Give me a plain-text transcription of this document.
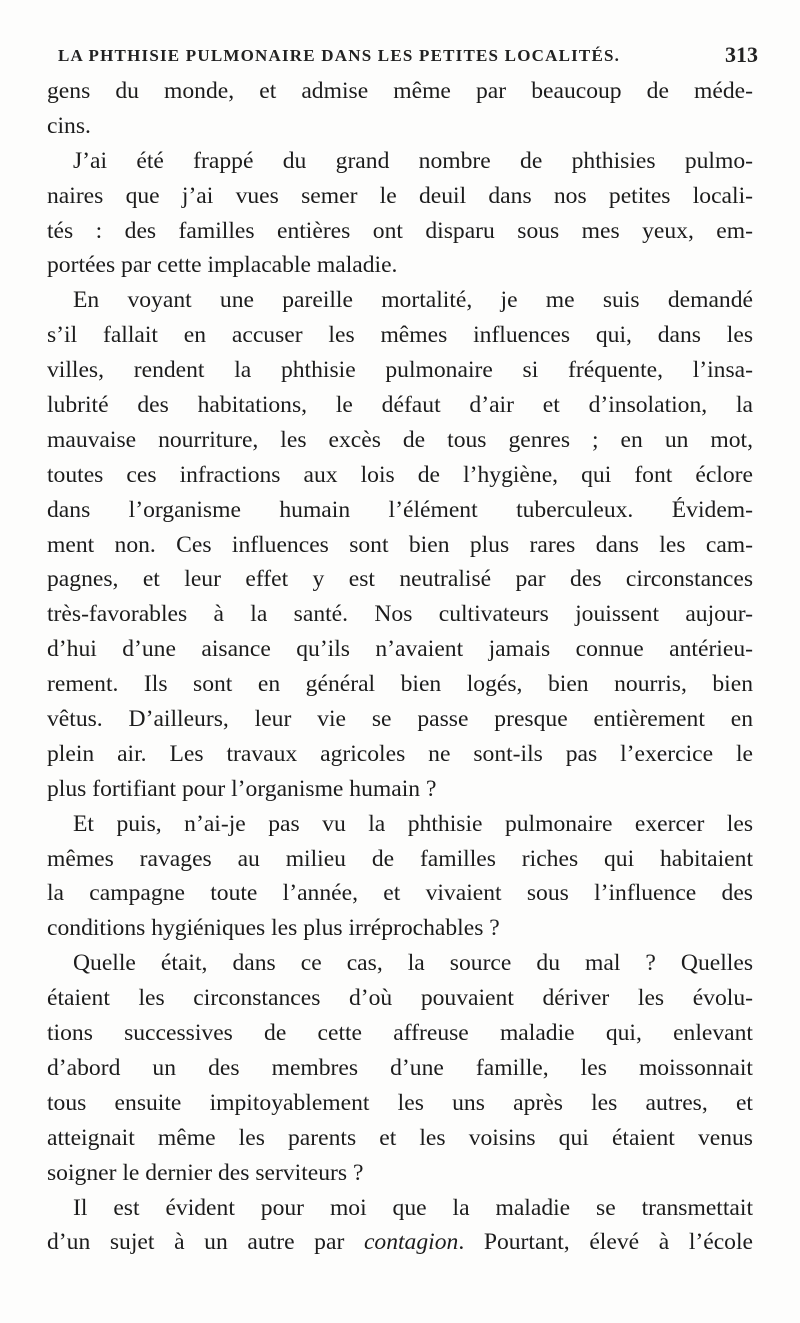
LA PHTHISIE PULMONAIRE DANS LES PETITES LOCALITÉS.	313
gens du monde, et admise même par beaucoup de méde-
cins.
J’ai été frappé du grand nombre de phthisies pulmo-
naires que j’ai vues semer le deuil dans nos petites locali-
tés : des familles entières ont disparu sous mes yeux, em-
portées par cette implacable maladie.
En voyant une pareille mortalité, je me suis demandé
s’il fallait en accuser les mêmes influences qui, dans les
villes, rendent la phthisie pulmonaire si fréquente, l’insa-
lubrité des habitations, le défaut d’air et d’insolation, la
mauvaise nourriture, les excès de tous genres ; en un mot,
toutes ces infractions aux lois de l’hygiène, qui font éclore
dans l’organisme humain l’élément tuberculeux. Évidem-
ment non. Ces influences sont bien plus rares dans les cam-
pagnes, et leur effet y est neutralisé par des circonstances
très-favorables à la santé. Nos cultivateurs jouissent aujour-
d’hui d’une aisance qu’ils n’avaient jamais connue antérieu-
rement. Ils sont en général bien logés, bien nourris, bien
vêtus. D’ailleurs, leur vie se passe presque entièrement en
plein air. Les travaux agricoles ne sont-ils pas l’exercice le
plus fortifiant pour l’organisme humain ?
Et puis, n’ai-je pas vu la phthisie pulmonaire exercer les
mêmes ravages au milieu de familles riches qui habitaient
la campagne toute l’année, et vivaient sous l’influence des
conditions hygiéniques les plus irréprochables ?
Quelle était, dans ce cas, la source du mal ? Quelles
étaient les circonstances d’où pouvaient dériver les évolu-
tions successives de cette affreuse maladie qui, enlevant
d’abord un des membres d’une famille, les moissonnait
tous ensuite impitoyablement les uns après les autres, et
atteignait même les parents et les voisins qui étaient venus
soigner le dernier des serviteurs ?
Il est évident pour moi que la maladie se transmettait
d’un sujet à un autre par contagion. Pourtant, élevé à l’école
